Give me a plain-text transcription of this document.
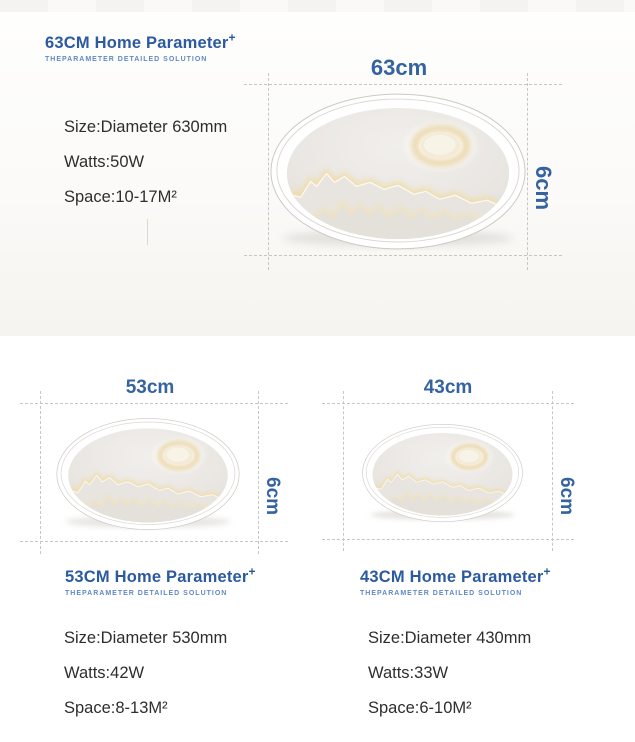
63CM Home Parameter+
THEPARAMETER DETAILED SOLUTION
Size:Diameter 630mm
Watts:50W
Space:10-17M²
63cm
6cm
53cm
6cm
43cm
6cm
53CM Home Parameter+
THEPARAMETER DETAILED SOLUTION
Size:Diameter 530mm
Watts:42W
Space:8-13M²
43CM Home Parameter+
THEPARAMETER DETAILED SOLUTION
Size:Diameter 430mm
Watts:33W
Space:6-10M²
